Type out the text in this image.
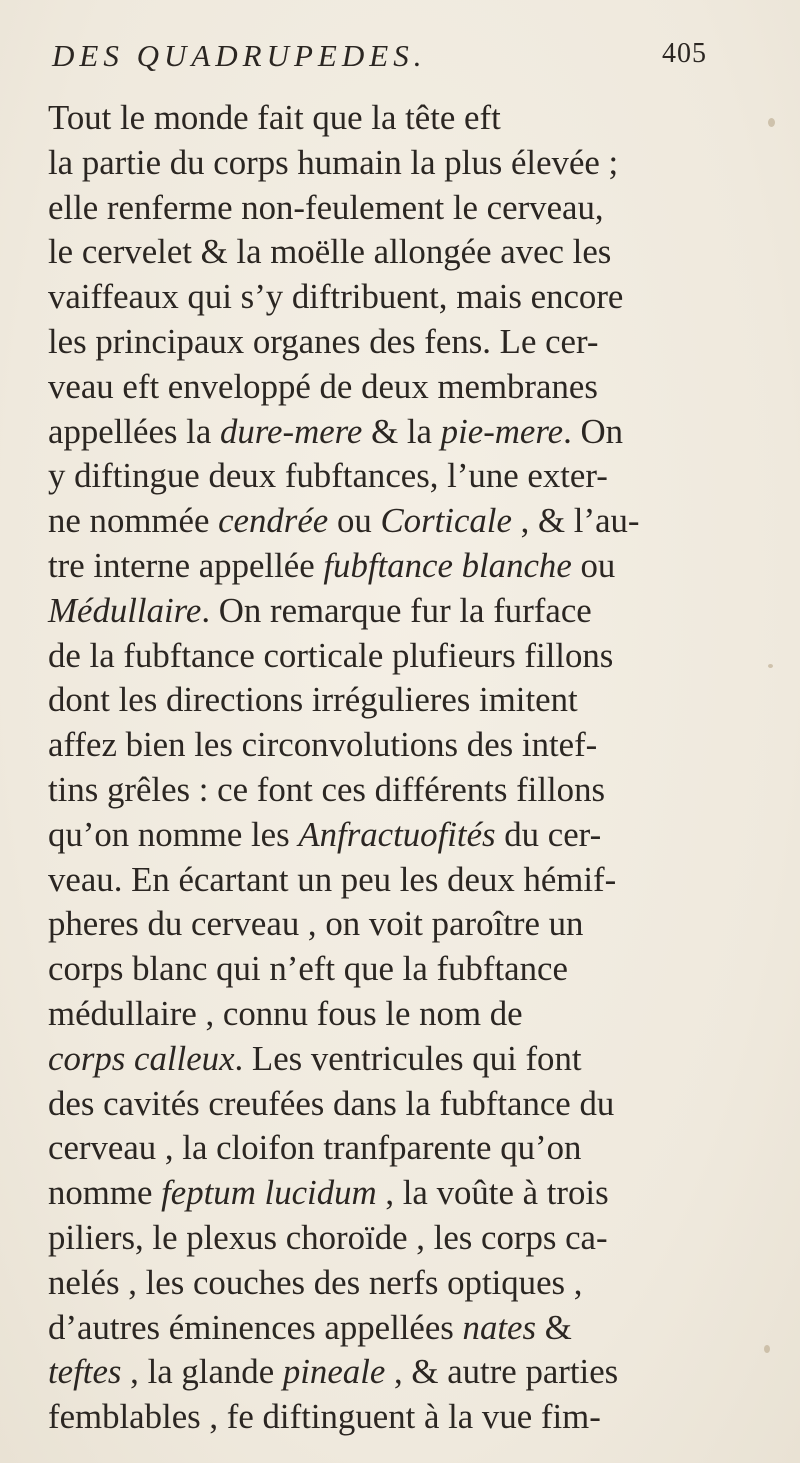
DES QUADRUPEDES.	405
Tout le monde fait que la tête eft
la partie du corps humain la plus élevée ;
elle renferme non-feulement le cerveau,
le cervelet & la moëlle allongée avec les
vaiffeaux qui s’y diftribuent, mais encore
les principaux organes des fens. Le cer-
veau eft enveloppé de deux membranes
appellées la dure-mere & la pie-mere. On
y diftingue deux fubftances, l’une exter-
ne nommée cendrée ou Corticale , & l’au-
tre interne appellée fubftance blanche ou
Médullaire. On remarque fur la furface
de la fubftance corticale plufieurs fillons
dont les directions irrégulieres imitent
affez bien les circonvolutions des intef-
tins grêles : ce font ces différents fillons
qu’on nomme les Anfractuofités du cer-
veau. En écartant un peu les deux hémif-
pheres du cerveau , on voit paroître un
corps blanc qui n’eft que la fubftance
médullaire , connu fous le nom de
corps calleux. Les ventricules qui font
des cavités creufées dans la fubftance du
cerveau , la cloifon tranfparente qu’on
nomme feptum lucidum , la voûte à trois
piliers, le plexus choroïde , les corps ca-
nelés , les couches des nerfs optiques ,
d’autres éminences appellées nates &
teftes , la glande pineale , & autre parties
femblables , fe diftinguent à la vue fim-
